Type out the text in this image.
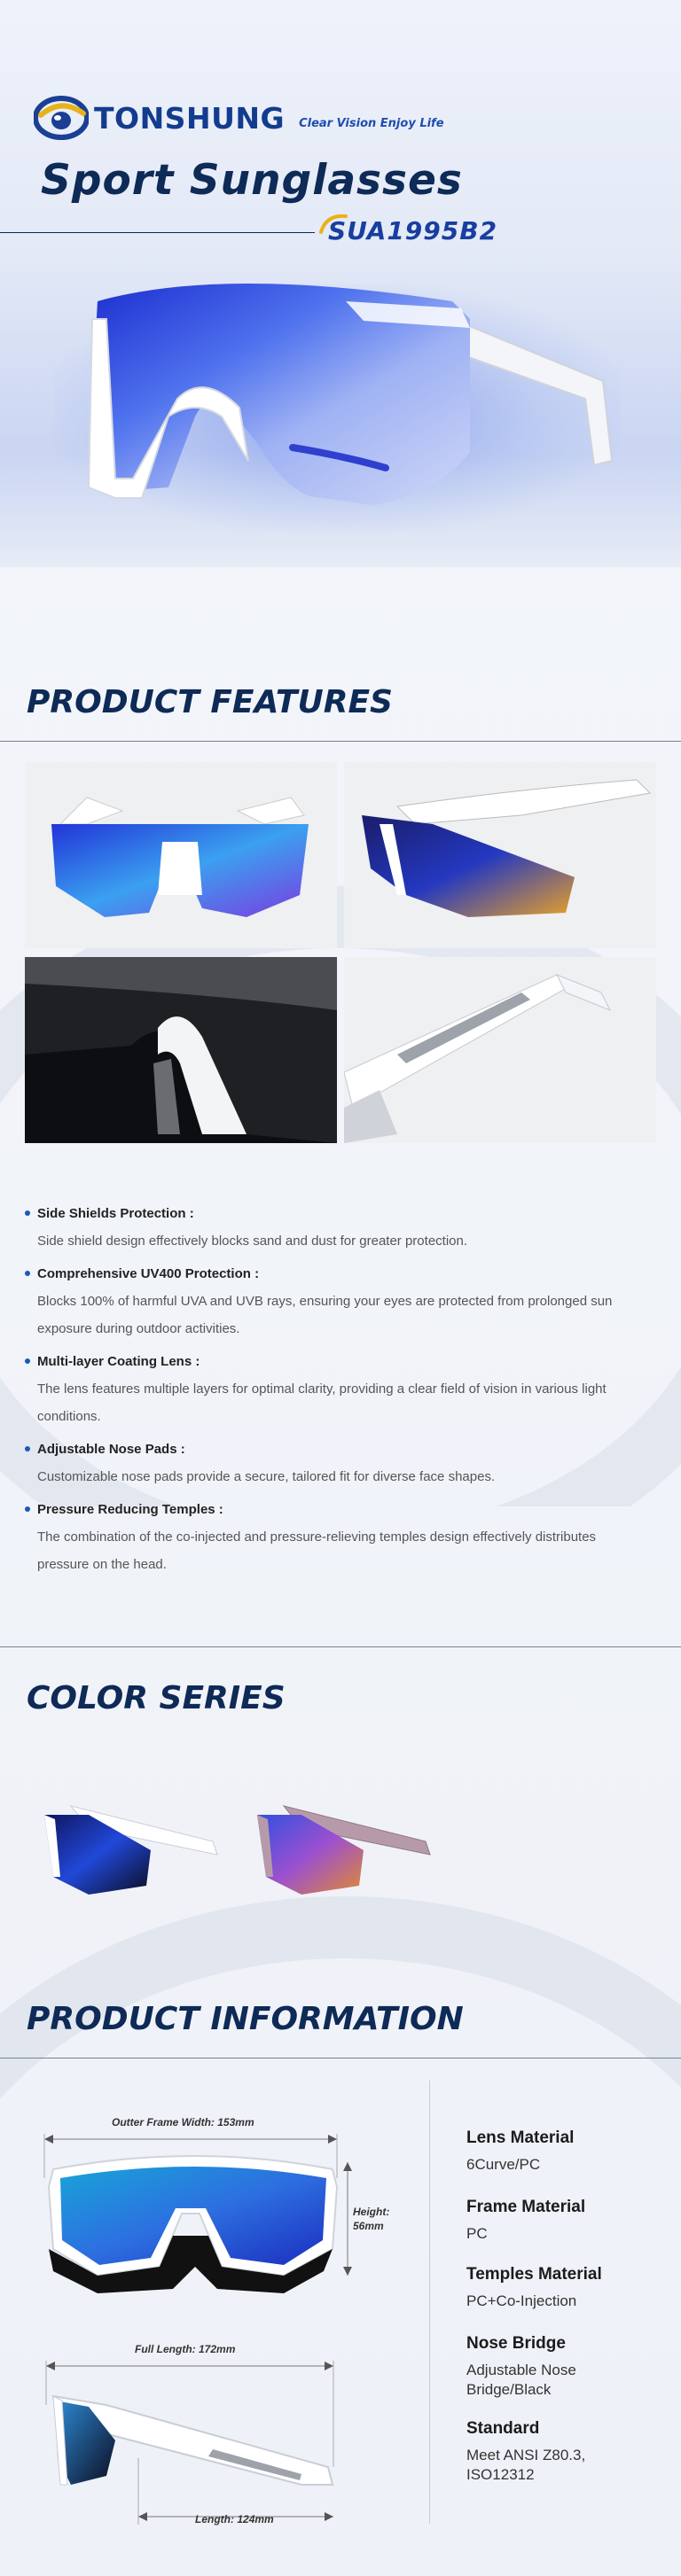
TONSHUNG Clear Vision Enjoy Life
Sport Sunglasses
SUA1995B2
PRODUCT FEATURES
Side Shields Protection :
Side shield design effectively blocks sand and dust for greater protection.
Comprehensive UV400 Protection :
Blocks 100% of harmful UVA and UVB rays, ensuring your eyes are protected from prolonged sun exposure during outdoor activities.
Multi-layer Coating Lens :
The lens features multiple layers for optimal clarity, providing a clear field of vision in various light conditions.
Adjustable Nose Pads :
Customizable nose pads provide a secure, tailored fit for diverse face shapes.
Pressure Reducing Temples :
The combination of the co-injected and pressure-relieving temples design effectively distributes pressure on the head.
COLOR SERIES
PRODUCT INFORMATION
Outter Frame Width: 153mm
Height:
56mm
Full Length: 172mm
Length: 124mm
Lens Material
6Curve/PC
Frame Material
PC
Temples Material
PC+Co-Injection
Nose Bridge
Adjustable Nose Bridge/Black
Standard
Meet ANSI Z80.3, ISO12312
